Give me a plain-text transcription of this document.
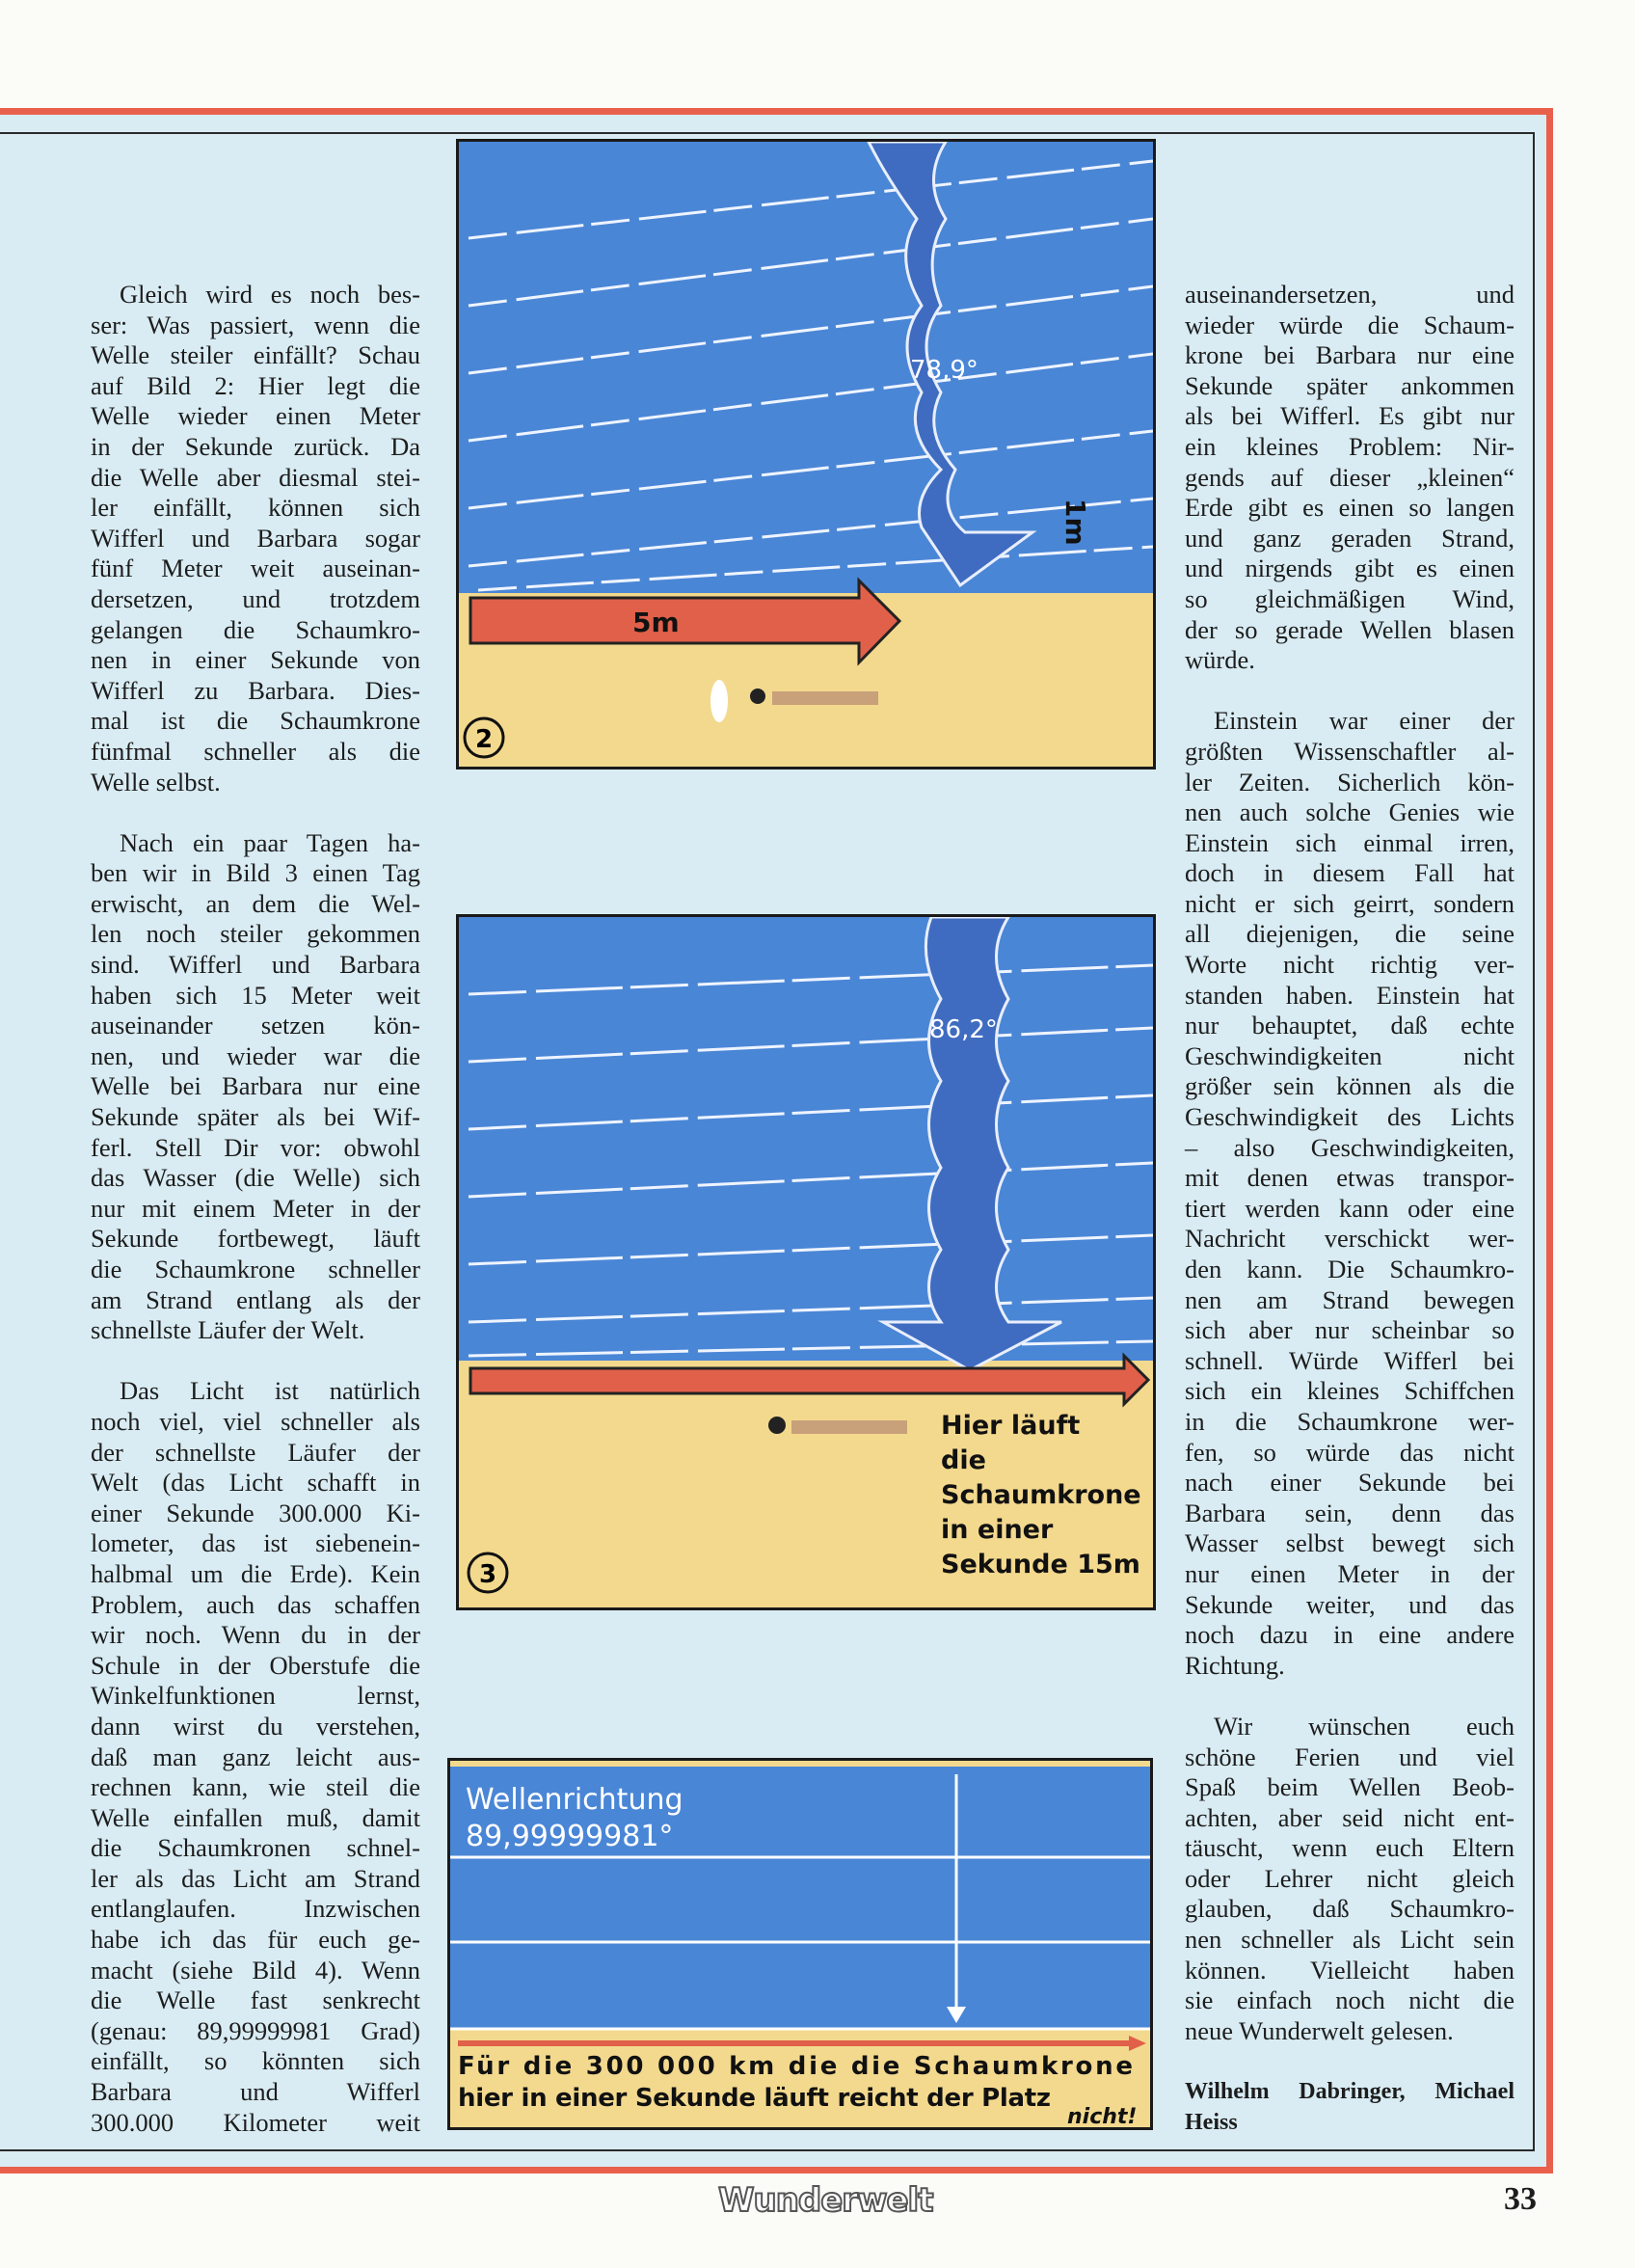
Gleich wird es noch bes-
ser: Was passiert, wenn die
Welle steiler einfällt? Schau
auf Bild 2: Hier legt die
Welle wieder einen Meter
in der Sekunde zurück. Da
die Welle aber diesmal stei-
ler einfällt, können sich
Wifferl und Barbara sogar
fünf Meter weit auseinan-
dersetzen, und trotzdem
gelangen die Schaumkro-
nen in einer Sekunde von
Wifferl zu Barbara. Dies-
mal ist die Schaumkrone
fünfmal schneller als die
Welle selbst.
Nach ein paar Tagen ha-
ben wir in Bild 3 einen Tag
erwischt, an dem die Wel-
len noch steiler gekommen
sind. Wifferl und Barbara
haben sich 15 Meter weit
auseinander setzen kön-
nen, und wieder war die
Welle bei Barbara nur eine
Sekunde später als bei Wif-
ferl. Stell Dir vor: obwohl
das Wasser (die Welle) sich
nur mit einem Meter in der
Sekunde fortbewegt, läuft
die Schaumkrone schneller
am Strand entlang als der
schnellste Läufer der Welt.
Das Licht ist natürlich
noch viel, viel schneller als
der schnellste Läufer der
Welt (das Licht schafft in
einer Sekunde 300.000 Ki-
lometer, das ist siebenein-
halbmal um die Erde). Kein
Problem, auch das schaffen
wir noch. Wenn du in der
Schule in der Oberstufe die
Winkelfunktionen lernst,
dann wirst du verstehen,
daß man ganz leicht aus-
rechnen kann, wie steil die
Welle einfallen muß, damit
die Schaumkronen schnel-
ler als das Licht am Strand
entlanglaufen. Inzwischen
habe ich das für euch ge-
macht (siehe Bild 4). Wenn
die Welle fast senkrecht
(genau: 89,99999981 Grad)
einfällt, so könnten sich
Barbara und Wifferl
300.000 Kilometer weit
auseinandersetzen, und
wieder würde die Schaum-
krone bei Barbara nur eine
Sekunde später ankommen
als bei Wifferl. Es gibt nur
ein kleines Problem: Nir-
gends auf dieser „kleinen“
Erde gibt es einen so langen
und ganz geraden Strand,
und nirgends gibt es einen
so gleichmäßigen Wind,
der so gerade Wellen blasen
würde.
Einstein war einer der
größten Wissenschaftler al-
ler Zeiten. Sicherlich kön-
nen auch solche Genies wie
Einstein sich einmal irren,
doch in diesem Fall hat
nicht er sich geirrt, sondern
all diejenigen, die seine
Worte nicht richtig ver-
standen haben. Einstein hat
nur behauptet, daß echte
Geschwindigkeiten nicht
größer sein können als die
Geschwindigkeit des Lichts
– also Geschwindigkeiten,
mit denen etwas transpor-
tiert werden kann oder eine
Nachricht verschickt wer-
den kann. Die Schaumkro-
nen am Strand bewegen
sich aber nur scheinbar so
schnell. Würde Wifferl bei
sich ein kleines Schiffchen
in die Schaumkrone wer-
fen, so würde das nicht
nach einer Sekunde bei
Barbara sein, denn das
Wasser selbst bewegt sich
nur einen Meter in der
Sekunde weiter, und das
noch dazu in eine andere
Richtung.
Wir wünschen euch
schöne Ferien und viel
Spaß beim Wellen Beob-
achten, aber seid nicht ent-
täuscht, wenn euch Eltern
oder Lehrer nicht gleich
glauben, daß Schaumkro-
nen schneller als Licht sein
können. Vielleicht haben
sie einfach noch nicht die
neue Wunderwelt gelesen.
Wilhelm Dabringer, Michael
Heiss
78,9°
1m
5m
2
86,2°
Hier läuft
die
Schaumkrone
in einer
Sekunde 15m
3
Wellenrichtung
89,99999981°
Für die 300 000 km die die Schaumkrone
hier in einer Sekunde läuft reicht der Platz
nicht!
Wunderwelt	33
